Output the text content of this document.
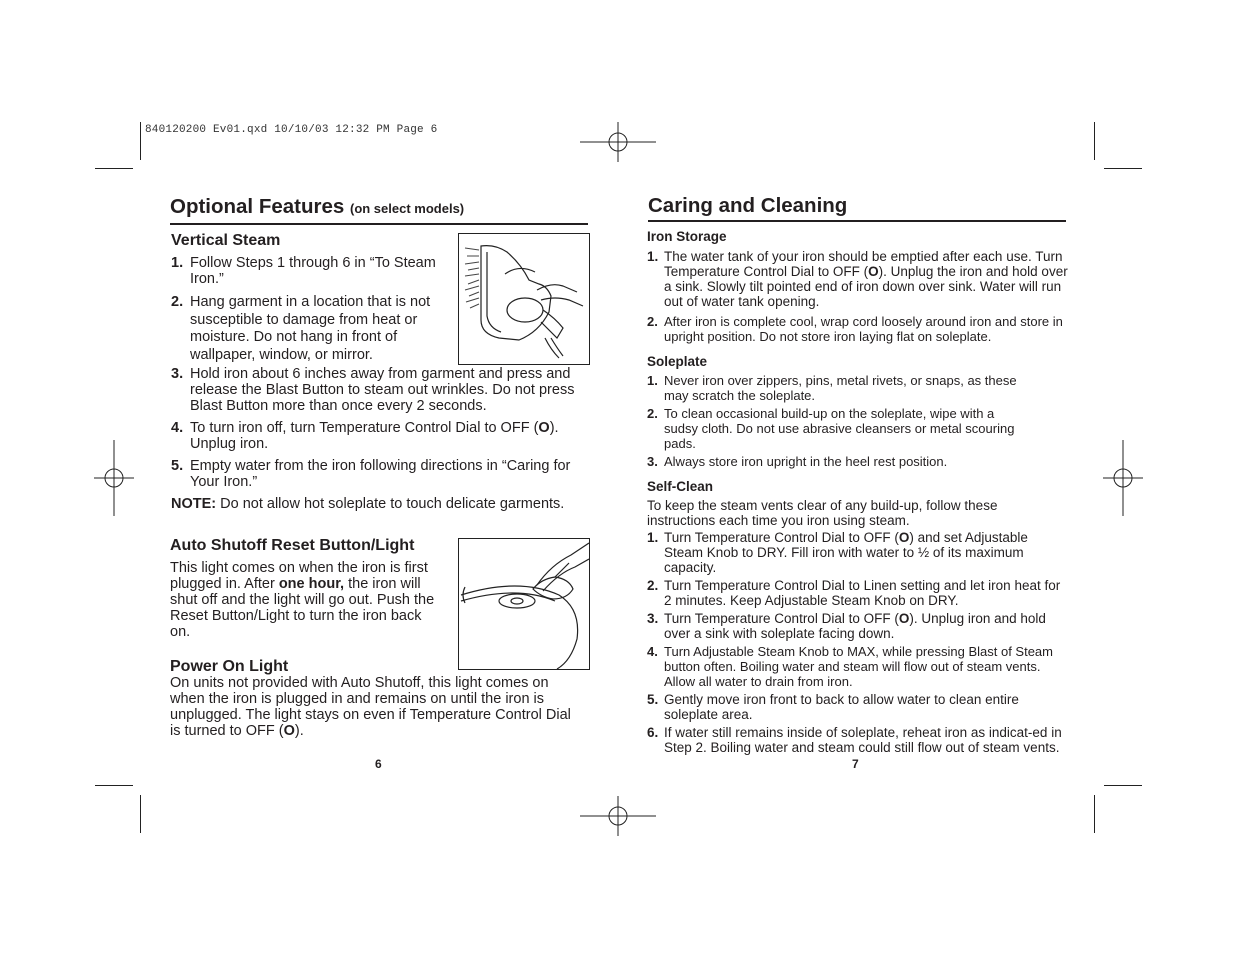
840120200 Ev01.qxd 10/10/03 12:32 PM Page 6
Optional Features (on select models)
Vertical Steam
1. Follow Steps 1 through 6 in “To Steam Iron.”
2. Hang garment in a location that is not susceptible to damage from heat or moisture. Do not hang in front of wallpaper, window, or mirror.
3. Hold iron about 6 inches away from garment and press and release the Blast Button to steam out wrinkles. Do not press Blast Button more than once every 2 seconds.
4. To turn iron off, turn Temperature Control Dial to OFF (O). Unplug iron.
5. Empty water from the iron following directions in “Caring for Your Iron.”

NOTE: Do not allow hot soleplate to touch delicate garments.

Auto Shutoff Reset Button/Light

This light comes on when the iron is first plugged in. After one hour, the iron will shut off and the light will go out. Push the Reset Button/Light to turn the iron back on.

Power On Light

On units not provided with Auto Shutoff, this light comes on when the iron is plugged in and remains on until the iron is unplugged. The light stays on even if Temperature Control Dial is turned to OFF (O).

6
Caring and Cleaning
Iron Storage
1. The water tank of your iron should be emptied after each use. Turn Temperature Control Dial to OFF (O). Unplug the iron and hold over a sink. Slowly tilt pointed end of iron down over sink. Water will run out of water tank opening.
2. After iron is complete cool, wrap cord loosely around iron and store in upright position. Do not store iron laying flat on soleplate.
Soleplate
1. Never iron over zippers, pins, metal rivets, or snaps, as these may scratch the soleplate.
2. To clean occasional build-up on the soleplate, wipe with a sudsy cloth. Do not use abrasive cleansers or metal scouring pads.
3. Always store iron upright in the heel rest position.
Self-Clean

To keep the steam vents clear of any build-up, follow these instructions each time you iron using steam.

1. Turn Temperature Control Dial to OFF (O) and set Adjustable Steam Knob to DRY. Fill iron with water to ½ of its maximum capacity.
2. Turn Temperature Control Dial to Linen setting and let iron heat for 2 minutes. Keep Adjustable Steam Knob on DRY.
3. Turn Temperature Control Dial to OFF (O). Unplug iron and hold over a sink with soleplate facing down.
4. Turn Adjustable Steam Knob to MAX, while pressing Blast of Steam button often. Boiling water and steam will flow out of steam vents. Allow all water to drain from iron.
5. Gently move iron front to back to allow water to clean entire soleplate area.
6. If water still remains inside of soleplate, reheat iron as indicat-ed in Step 2. Boiling water and steam could still flow out of steam vents.
7
